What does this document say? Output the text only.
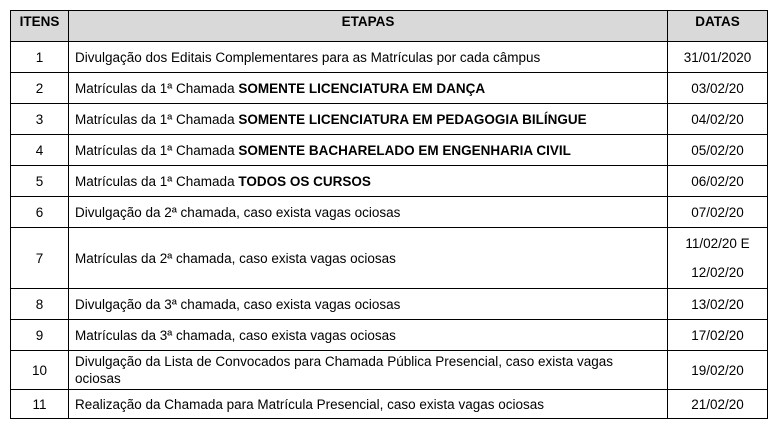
ITENS	ETAPAS	DATAS
1	Divulgação dos Editais Complementares para as Matrículas por cada câmpus	31/01/2020
2	Matrículas da 1ª Chamada SOMENTE LICENCIATURA EM DANÇA	03/02/20
3	Matrículas da 1ª Chamada SOMENTE LICENCIATURA EM PEDAGOGIA BILÍNGUE	04/02/20
4	Matrículas da 1ª Chamada SOMENTE BACHARELADO EM ENGENHARIA CIVIL	05/02/20
5	Matrículas da 1ª Chamada TODOS OS CURSOS	06/02/20
6	Divulgação da 2ª chamada, caso exista vagas ociosas	07/02/20
7	Matrículas da 2ª chamada, caso exista vagas ociosas	11/02/20 E
12/02/20

8	Divulgação da 3ª chamada, caso exista vagas ociosas	13/02/20
9	Matrículas da 3ª chamada, caso exista vagas ociosas	17/02/20
10	Divulgação da Lista de Convocados para Chamada Pública Presencial, caso exista vagas ociosas	19/02/20
11	Realização da Chamada para Matrícula Presencial, caso exista vagas ociosas	21/02/20
